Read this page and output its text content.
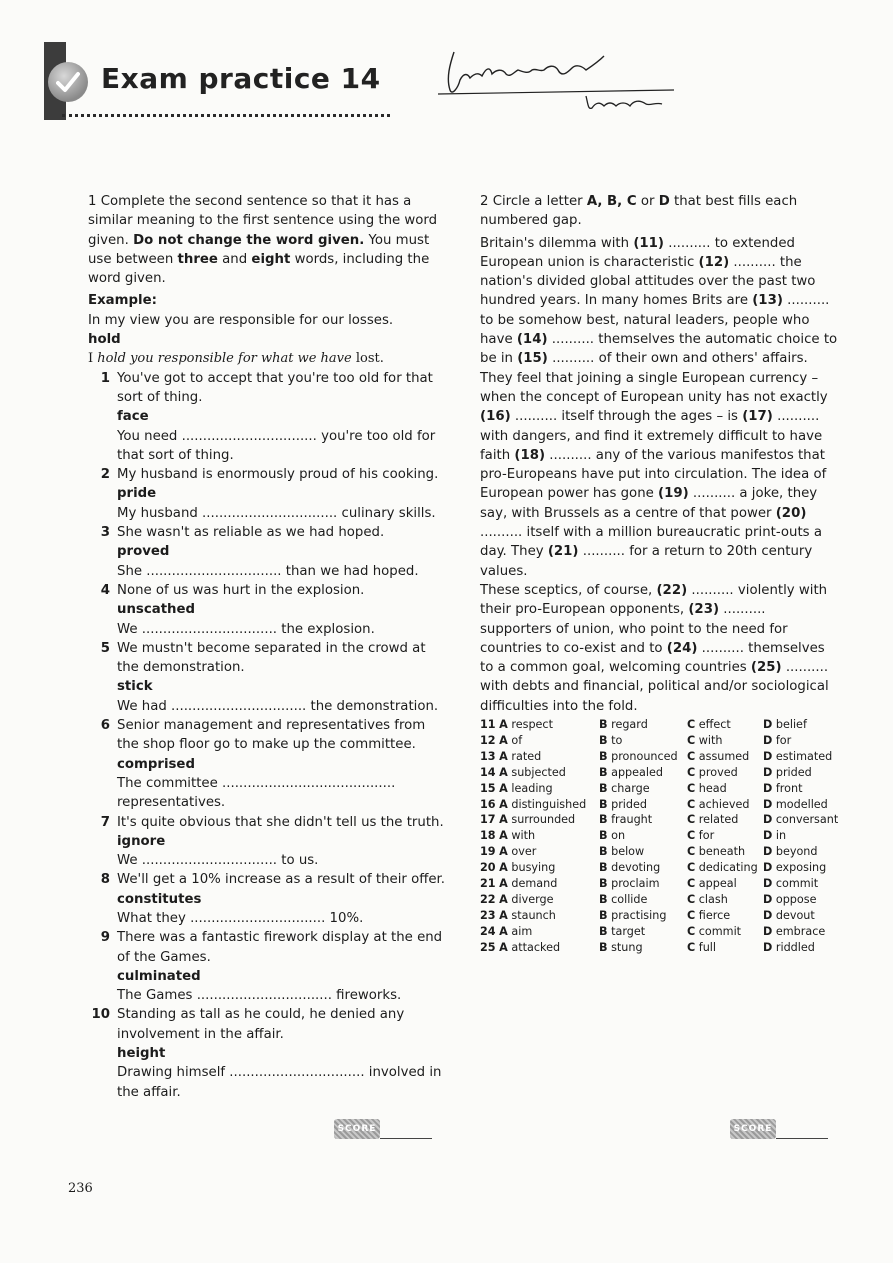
Exam practice 14

1 Complete the second sentence so that it has a similar meaning to the first sentence using the word given. Do not change the word given. You must use between three and eight words, including the word given.

Example:

In my view you are responsible for our losses.

hold

I hold you responsible for what we have lost.

1 You've got to accept that you're too old for that sort of thing.
face
You need ................................ you're too old for that sort of thing.
2 My husband is enormously proud of his cooking.
pride
My husband ................................ culinary skills.
3 She wasn't as reliable as we had hoped.
proved
She ................................ than we had hoped.
4 None of us was hurt in the explosion.
unscathed
We ................................ the explosion.
5 We mustn't become separated in the crowd at the demonstration.
stick
We had ................................ the demonstration.
6 Senior management and representatives from the shop floor go to make up the committee.
comprised
The committee ......................................... representatives.
7 It's quite obvious that she didn't tell us the truth.
ignore
We ................................ to us.
8 We'll get a 10% increase as a result of their offer.
constitutes
What they ................................ 10%.
9 There was a fantastic firework display at the end of the Games.
culminated
The Games ................................ fireworks.
10 Standing as tall as he could, he denied any involvement in the affair.
height
Drawing himself ................................ involved in the affair.

2 Circle a letter A, B, C or D that best fills each numbered gap.

Britain's dilemma with (11) .......... to extended European union is characteristic (12) .......... the nation's divided global attitudes over the past two hundred years. In many homes Brits are (13) .......... to be somehow best, natural leaders, people who have (14) .......... themselves the automatic choice to be in (15) .......... of their own and others' affairs. They feel that joining a single European currency – when the concept of European unity has not exactly (16) .......... itself through the ages – is (17) .......... with dangers, and find it extremely difficult to have faith (18) .......... any of the various manifestos that pro-Europeans have put into circulation. The idea of European power has gone (19) .......... a joke, they say, with Brussels as a centre of that power (20) .......... itself with a million bureaucratic print-outs a day. They (21) .......... for a return to 20th century values.

These sceptics, of course, (22) .......... violently with their pro-European opponents, (23) .......... supporters of union, who point to the need for countries to co-exist and to (24) .......... themselves to a common goal, welcoming countries (25) .......... with debts and financial, political and/or sociological difficulties into the fold.

11 A respect	B regard	C effect	D belief
12 A of	B to	C with	D for
13 A rated	B pronounced C assumed	D estimated
14 A subjected	B appealed	C proved	D prided
15 A leading	B charge	C head	D front
16 A distinguished	B prided	C achieved	D modelled
17 A surrounded	B fraught	C related	D conversant
18 A with	B on	C for	D in
19 A over	B below	C beneath	D beyond
20 A busying	B devoting	C dedicating D exposing
21 A demand	B proclaim	C appeal	D commit
22 A diverge	B collide	C clash	D oppose
23 A staunch	B practising	C fierce	D devout
24 A aim	B target	C commit	D embrace
25 A attacked	B stung	C full	D riddled
SCORE	SCORE
236
